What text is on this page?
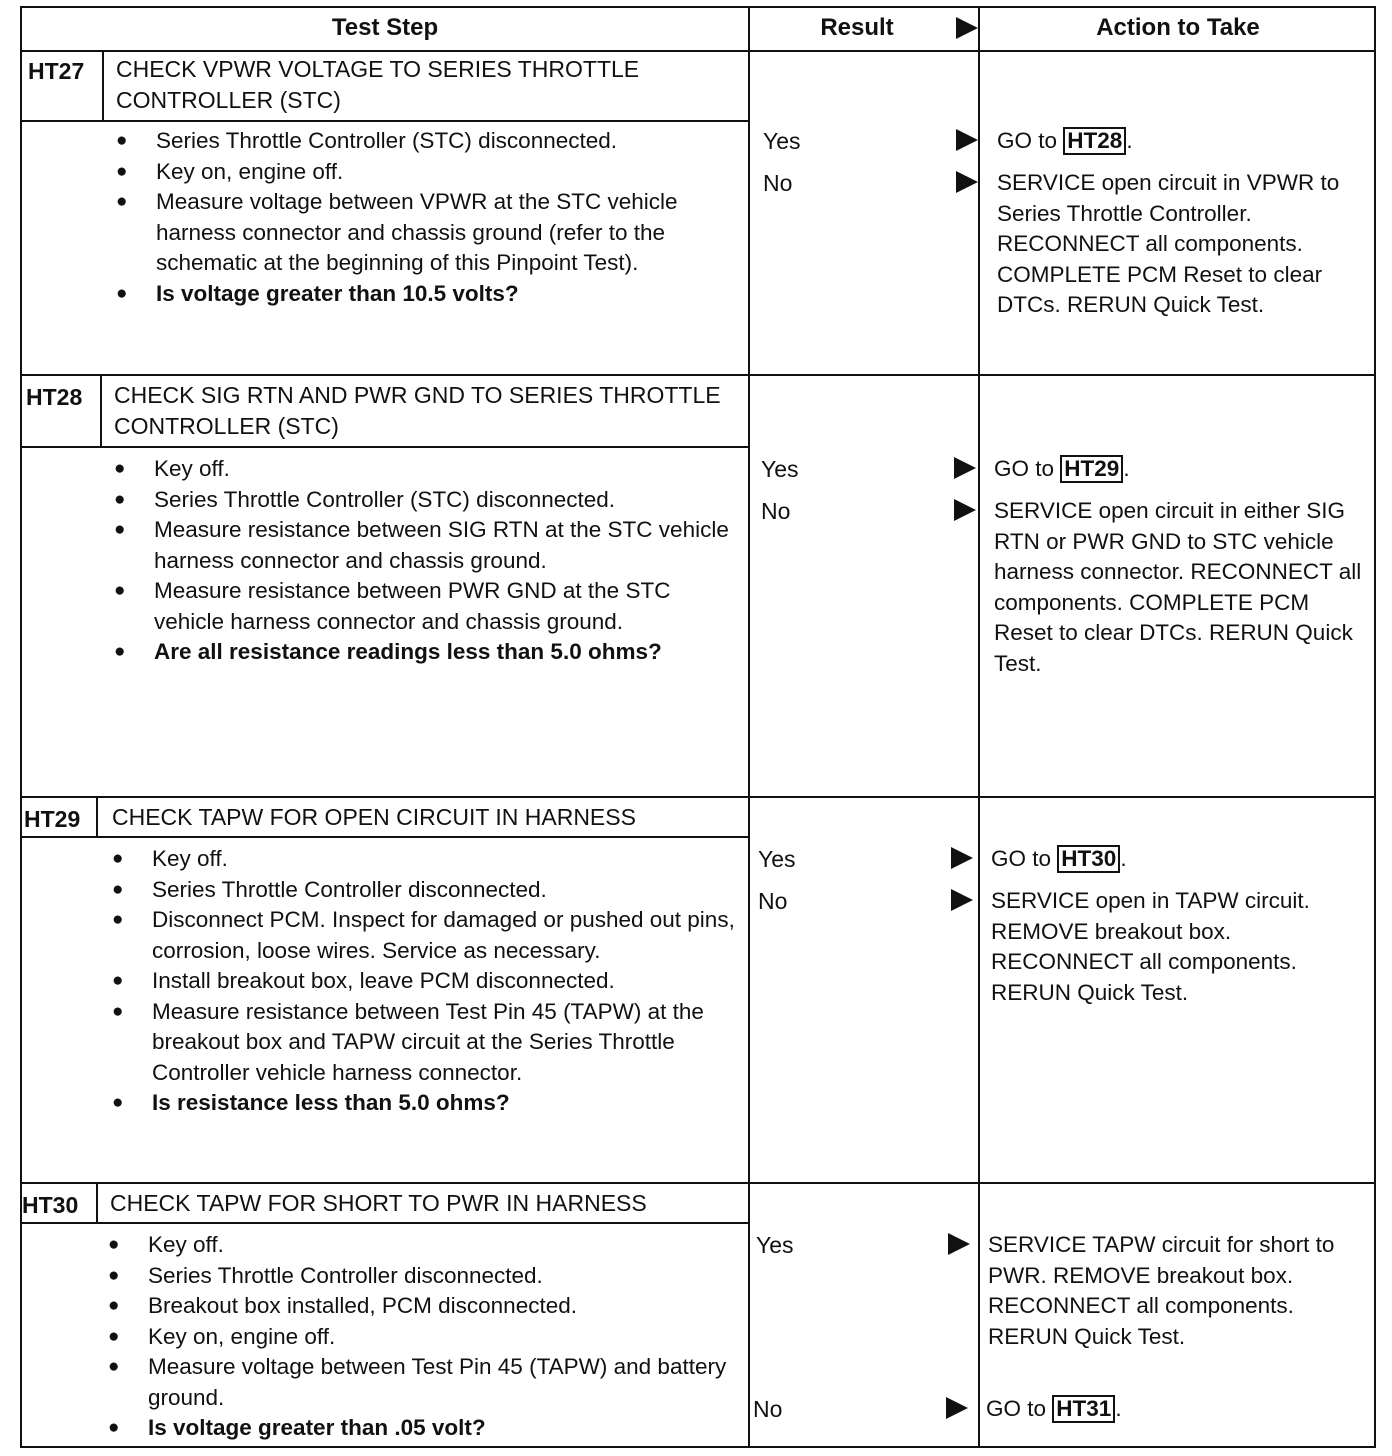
Test Step	Result	Action to Take
HT27 CHECK VPWR VOLTAGE TO SERIES THROTTLE CONTROLLER (STC)
● Series Throttle Controller (STC) disconnected.
● Key on, engine off.
● Measure voltage between VPWR at the STC vehicle harness connector and chassis ground (refer to the schematic at the beginning of this Pinpoint Test).
● Is voltage greater than 10.5 volts?
Yes	GO to HT28 .
No	SERVICE open circuit in VPWR to Series Throttle Controller. RECONNECT all components. COMPLETE PCM Reset to clear DTCs. RERUN Quick Test.
HT28 CHECK SIG RTN AND PWR GND TO SERIES THROTTLE CONTROLLER (STC)
● Key off.
● Series Throttle Controller (STC) disconnected.
● Measure resistance between SIG RTN at the STC vehicle harness connector and chassis ground.
● Measure resistance between PWR GND at the STC vehicle harness connector and chassis ground.
● Are all resistance readings less than 5.0 ohms?
Yes	GO to HT29 .
No	SERVICE open circuit in either SIG RTN or PWR GND to STC vehicle harness connector. RECONNECT all components. COMPLETE PCM Reset to clear DTCs. RERUN Quick Test.
HT29 CHECK TAPW FOR OPEN CIRCUIT IN HARNESS
● Key off.
● Series Throttle Controller disconnected.
● Disconnect PCM. Inspect for damaged or pushed out pins, corrosion, loose wires. Service as necessary.
● Install breakout box, leave PCM disconnected.
● Measure resistance between Test Pin 45 (TAPW) at the breakout box and TAPW circuit at the Series Throttle Controller vehicle harness connector.
● Is resistance less than 5.0 ohms?
Yes	GO to HT30 .
No	SERVICE open in TAPW circuit. REMOVE breakout box. RECONNECT all components. RERUN Quick Test.
HT30 CHECK TAPW FOR SHORT TO PWR IN HARNESS
● Key off.
● Series Throttle Controller disconnected.
● Breakout box installed, PCM disconnected.
● Key on, engine off.
● Measure voltage between Test Pin 45 (TAPW) and battery ground.
● Is voltage greater than .05 volt?
Yes	SERVICE TAPW circuit for short to PWR. REMOVE breakout box. RECONNECT all components. RERUN Quick Test.
No	GO to HT31 .
